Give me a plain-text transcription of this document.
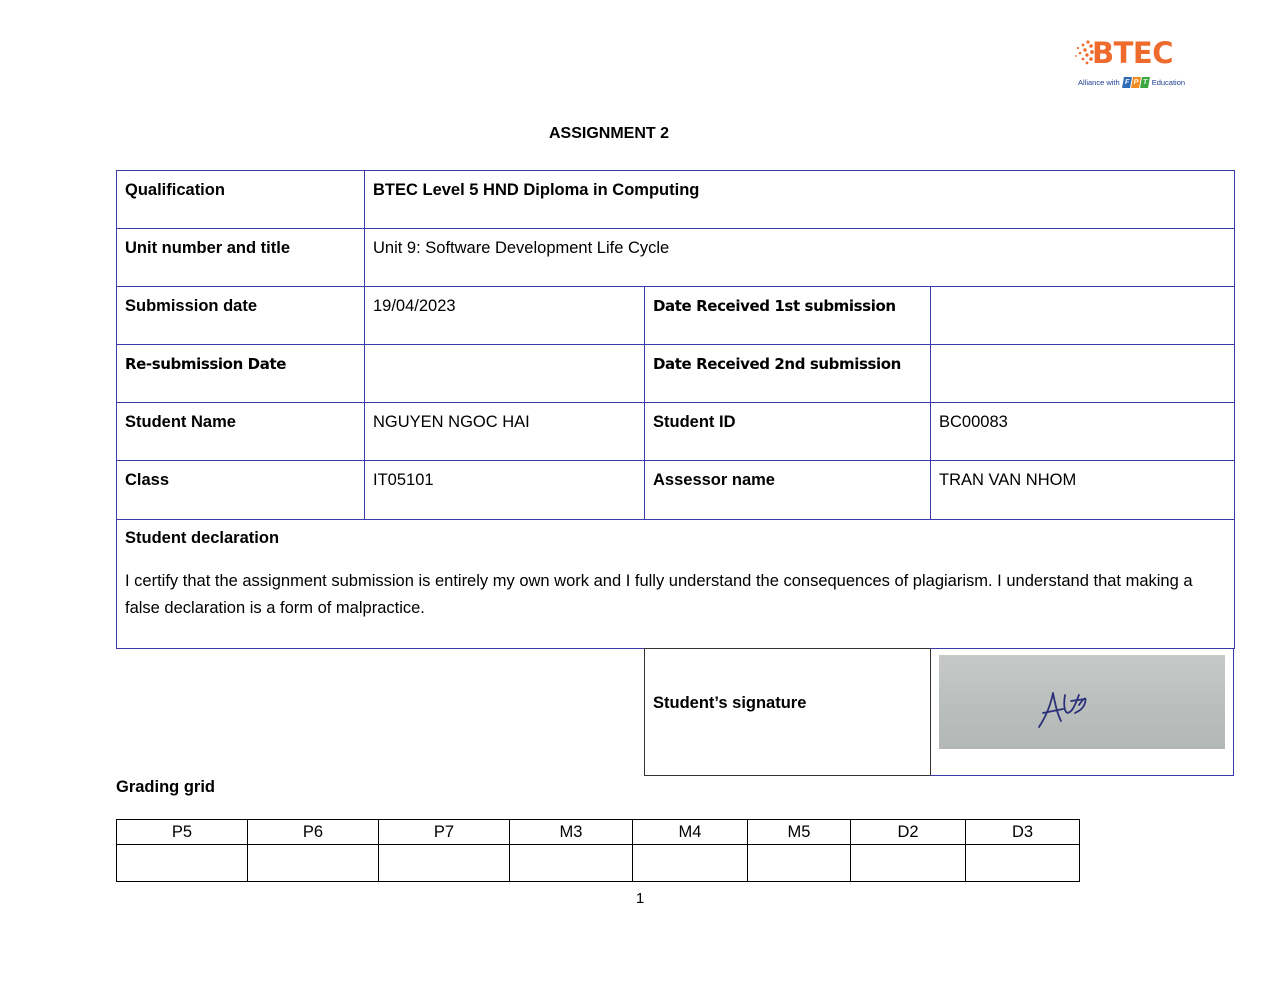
BTEC
Alliance with F P T Education
ASSIGNMENT 2
Qualification	BTEC Level 5 HND Diploma in Computing		
Unit number and title	Unit 9: Software Development Life Cycle		
Submission date	19/04/2023	Date Received 1st submission	
Re-submission Date		Date Received 2nd submission	
Student Name	NGUYEN NGOC HAI	Student ID	BC00083
Class	IT05101	Assessor name	TRAN VAN NHOM

Student declaration

I certify that the assignment submission is entirely my own work and I fully understand the consequences of plagiarism. I understand that making a false declaration is a form of malpractice.			

Student’s signature
Grading grid
P5	P6	P7	M3	M4	M5	D2	D3

1
